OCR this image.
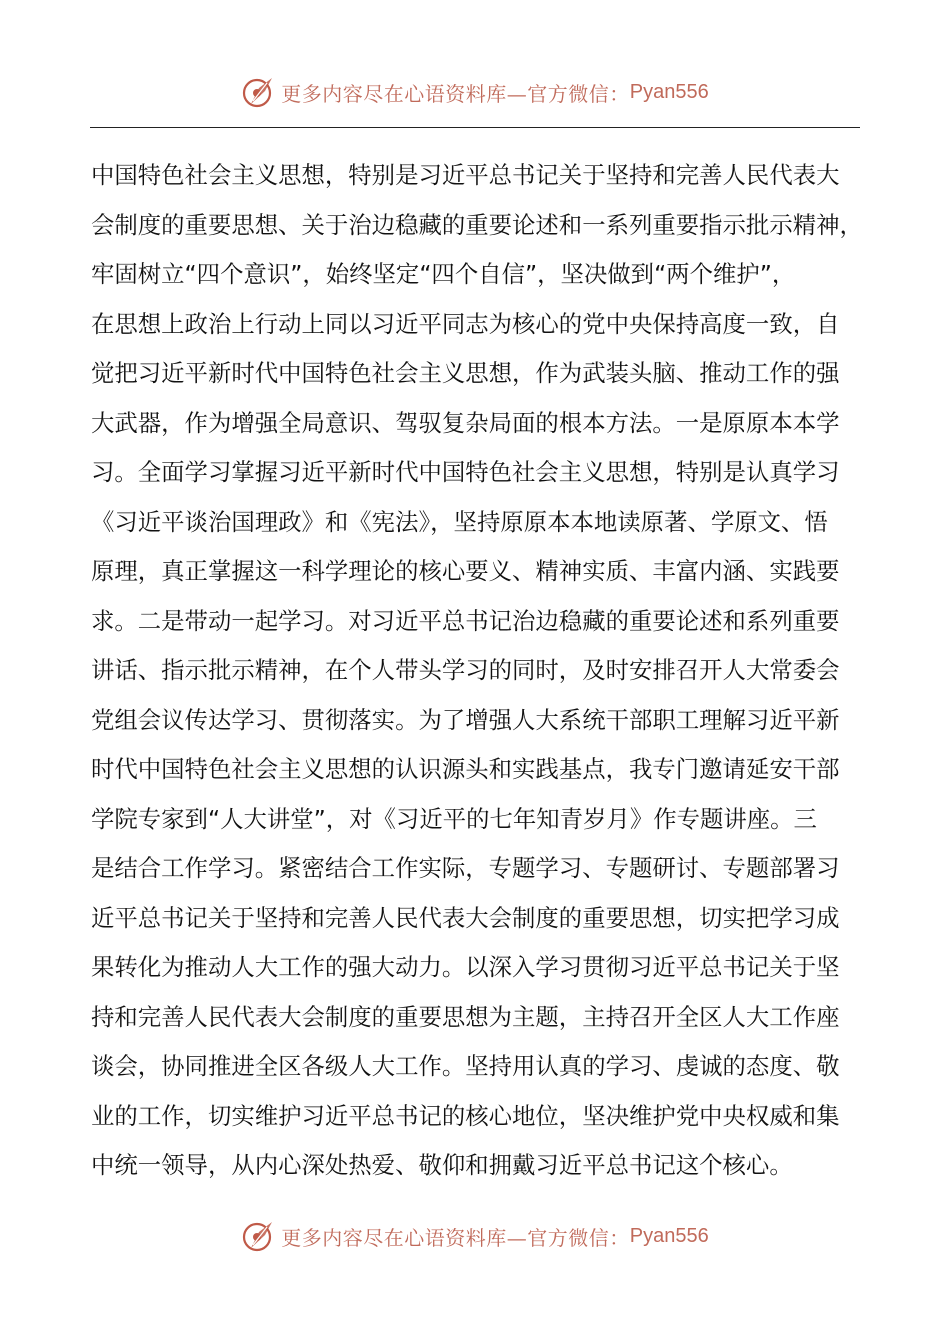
更多内容尽在心语资料库—官方微信： Pyan556
中国特色社会主义思想，特别是习近平总书记关于坚持和完善人民代表大
会制度的重要思想、关于治边稳藏的重要论述和一系列重要指示批示精神，
牢固树立“四个意识”，始终坚定“四个自信”，坚决做到“两个维护”，
在思想上政治上行动上同以习近平同志为核心的党中央保持高度一致，自
觉把习近平新时代中国特色社会主义思想，作为武装头脑、推动工作的强
大武器，作为增强全局意识、驾驭复杂局面的根本方法。一是原原本本学
习。全面学习掌握习近平新时代中国特色社会主义思想，特别是认真学习
《习近平谈治国理政》和《宪法》，坚持原原本本地读原著、学原文、悟
原理，真正掌握这一科学理论的核心要义、精神实质、丰富内涵、实践要
求。二是带动一起学习。对习近平总书记治边稳藏的重要论述和系列重要
讲话、指示批示精神，在个人带头学习的同时，及时安排召开人大常委会
党组会议传达学习、贯彻落实。为了增强人大系统干部职工理解习近平新
时代中国特色社会主义思想的认识源头和实践基点，我专门邀请延安干部
学院专家到“人大讲堂”，对《习近平的七年知青岁月》作专题讲座。三
是结合工作学习。紧密结合工作实际，专题学习、专题研讨、专题部署习
近平总书记关于坚持和完善人民代表大会制度的重要思想，切实把学习成
果转化为推动人大工作的强大动力。以深入学习贯彻习近平总书记关于坚
持和完善人民代表大会制度的重要思想为主题，主持召开全区人大工作座
谈会，协同推进全区各级人大工作。坚持用认真的学习、虔诚的态度、敬
业的工作，切实维护习近平总书记的核心地位，坚决维护党中央权威和集
中统一领导，从内心深处热爱、敬仰和拥戴习近平总书记这个核心。
更多内容尽在心语资料库—官方微信： Pyan556
